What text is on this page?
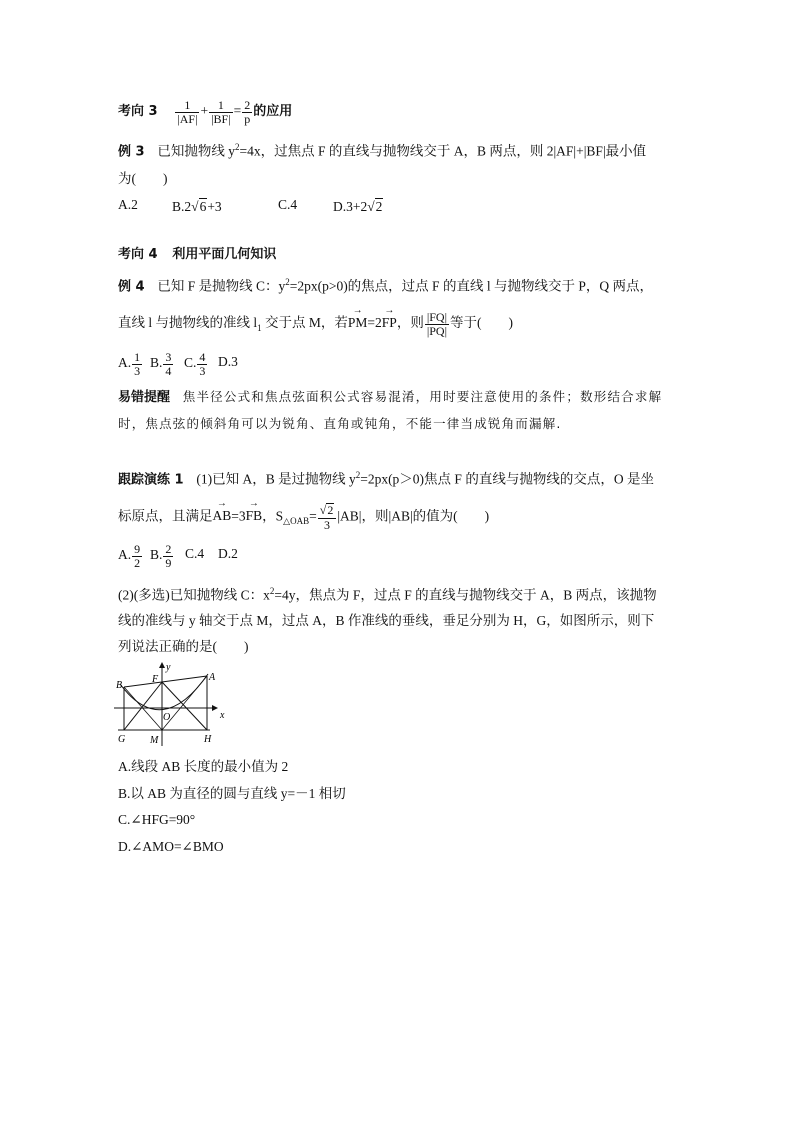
考向 $3 \frac{1}{|AF|} + \frac{1}{|BF|} = \frac{2}{p}$ 的应用
例 3 已知抛物线 $y^2=4x$，过焦点 F 的直线与抛物线交于 A，B 两点，则 2|AF|+|BF|最小值
为(　　)
A.2	B.2√6+3	C.4	D.3+2√2
考向 4 利用平面几何知识
例 4 已知 F 是抛物线 C：$y^2=2px(p>0)$的焦点，过点 F 的直线 l 与抛物线交于 P，Q 两点，
直线 l 与抛物线的准线 $l_1$ 交于点 M，若→ PM=2→ FP，则 $\frac{|FQ|}{|PQ|}$ 等于(　　)
A. $\frac{1}{3} B$. $\frac{3}{4} C$. $\frac{4}{3} D.3$
易错提醒 焦半径公式和焦点弦面积公式容易混淆，用时要注意使用的条件；数形结合求解
时，焦点弦的倾斜角可以为锐角、直角或钝角，不能一律当成锐角而漏解.
跟踪演练 1 (1)已知 A，B 是过抛物线 $y^2=2px(p>0)$焦点 F 的直线与抛物线的交点，O 是坐
标原点，且满足→ AB=3→ FB，$S_{\triangle OAB}= \frac{√2}{3} |AB|$，则|AB|的值为(　　)
A. $\frac{9}{2} B$. $\frac{2}{9} C.4$ D.2
(2)(多选)已知抛物线 C：$x^2=4y$，焦点为 F，过点 F 的直线与抛物线交于 A，B 两点，该抛物
线的准线与 y 轴交于点 M，过点 A，B 作准线的垂线，垂足分别为 H，G，如图所示，则下
列说法正确的是(　　)
B
F
y
A
O	x
G M	H
A.线段 AB 长度的最小值为 2
B.以 AB 为直径的圆与直线 y=－1 相切
C.∠HFG=90°
D.∠AMO=∠BMO
